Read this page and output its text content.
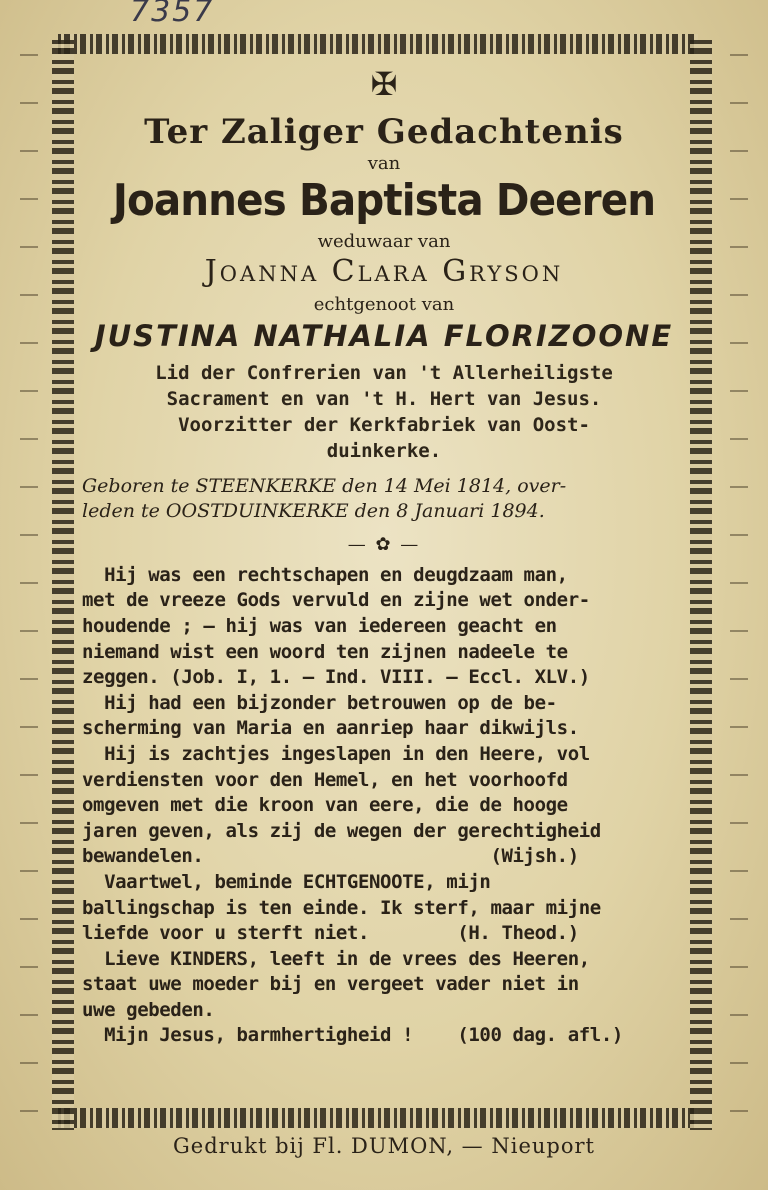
7357
✠
Ter Zaliger Gedachtenis
van
Joannes Baptista Deeren
weduwaar van
Joanna Clara Gryson
echtgenoot van
JUSTINA NATHALIA FLORIZOONE
Lid der Confrerien van 't Allerheiligste
Sacrament en van 't H. Hert van Jesus.
Voorzitter der Kerkfabriek van Oost-
duinkerke.
Geboren te STEENKERKE den 14 Mei 1814, over-
leden te OOSTDUINKERKE den 8 Januari 1894.
— ✿ —
Hij was een rechtschapen en deugdzaam man,
met de vreeze Gods vervuld en zijne wet onder-
houdende ; — hij was van iedereen geacht en
niemand wist een woord ten zijnen nadeele te
zeggen. (Job. I, 1. — Ind. VIII. — Eccl. XLV.)
Hij had een bijzonder betrouwen op de be-
scherming van Maria en aanriep haar dikwijls.
Hij is zachtjes ingeslapen in den Heere, vol
verdiensten voor den Hemel, en het voorhoofd
omgeven met die kroon van eere, die de hooge
jaren geven, als zij de wegen der gerechtigheid
bewandelen.                          (Wijsh.)
Vaartwel, beminde ECHTGENOOTE, mijn
ballingschap is ten einde. Ik sterf, maar mijne
liefde voor u sterft niet.        (H. Theod.)
Lieve KINDERS, leeft in de vrees des Heeren,
staat uwe moeder bij en vergeet vader niet in
uwe gebeden.
Mijn Jesus, barmhertigheid !    (100 dag. afl.)
Gedrukt bij Fl. DUMON, — Nieuport
